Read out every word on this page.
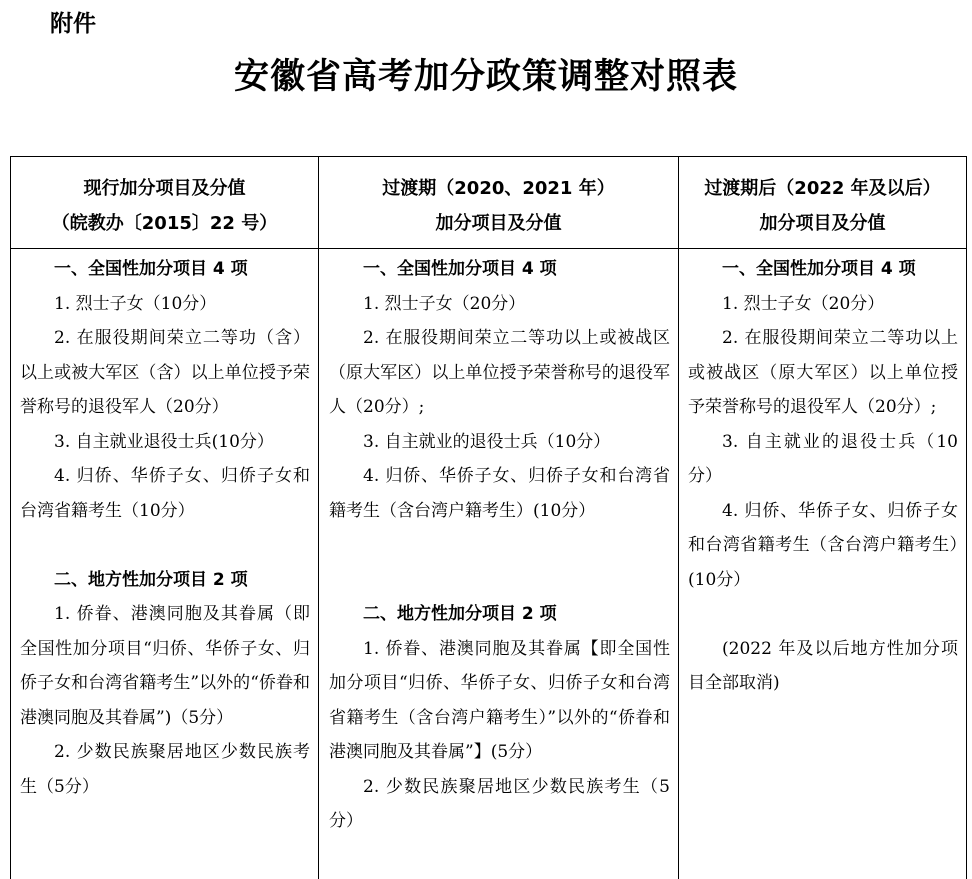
附件
安徽省高考加分政策调整对照表
现行加分项目及分值
（皖教办〔2015〕22 号）
过渡期（2020、2021 年）
加分项目及分值
过渡期后（2022 年及以后）
加分项目及分值

一、全国性加分项目 4 项

1. 烈士子女（10分）

2. 在服役期间荣立二等功（含）以上或被大军区（含）以上单位授予荣誉称号的退役军人（20分）

3. 自主就业退役士兵(10分）

4. 归侨、华侨子女、归侨子女和台湾省籍考生（10分）

二、地方性加分项目 2 项

1. 侨眷、港澳同胞及其眷属（即全国性加分项目“归侨、华侨子女、归侨子女和台湾省籍考生”以外的“侨眷和港澳同胞及其眷属”)（5分）

2. 少数民族聚居地区少数民族考生（5分）

一、全国性加分项目 4 项

1. 烈士子女（20分）

2. 在服役期间荣立二等功以上或被战区（原大军区）以上单位授予荣誉称号的退役军人（20分）;

3. 自主就业的退役士兵（10分）

4. 归侨、华侨子女、归侨子女和台湾省籍考生（含台湾户籍考生）(10分）

二、地方性加分项目 2 项

1. 侨眷、港澳同胞及其眷属【即全国性加分项目“归侨、华侨子女、归侨子女和台湾省籍考生（含台湾户籍考生）”以外的“侨眷和港澳同胞及其眷属”】(5分）

2. 少数民族聚居地区少数民族考生（5分）

一、全国性加分项目 4 项

1. 烈士子女（20分）

2. 在服役期间荣立二等功以上或被战区（原大军区）以上单位授予荣誉称号的退役军人（20分）;

3. 自主就业的退役士兵（10分）

4. 归侨、华侨子女、归侨子女和台湾省籍考生（含台湾户籍考生）(10分）

(2022 年及以后地方性加分项目全部取消)
